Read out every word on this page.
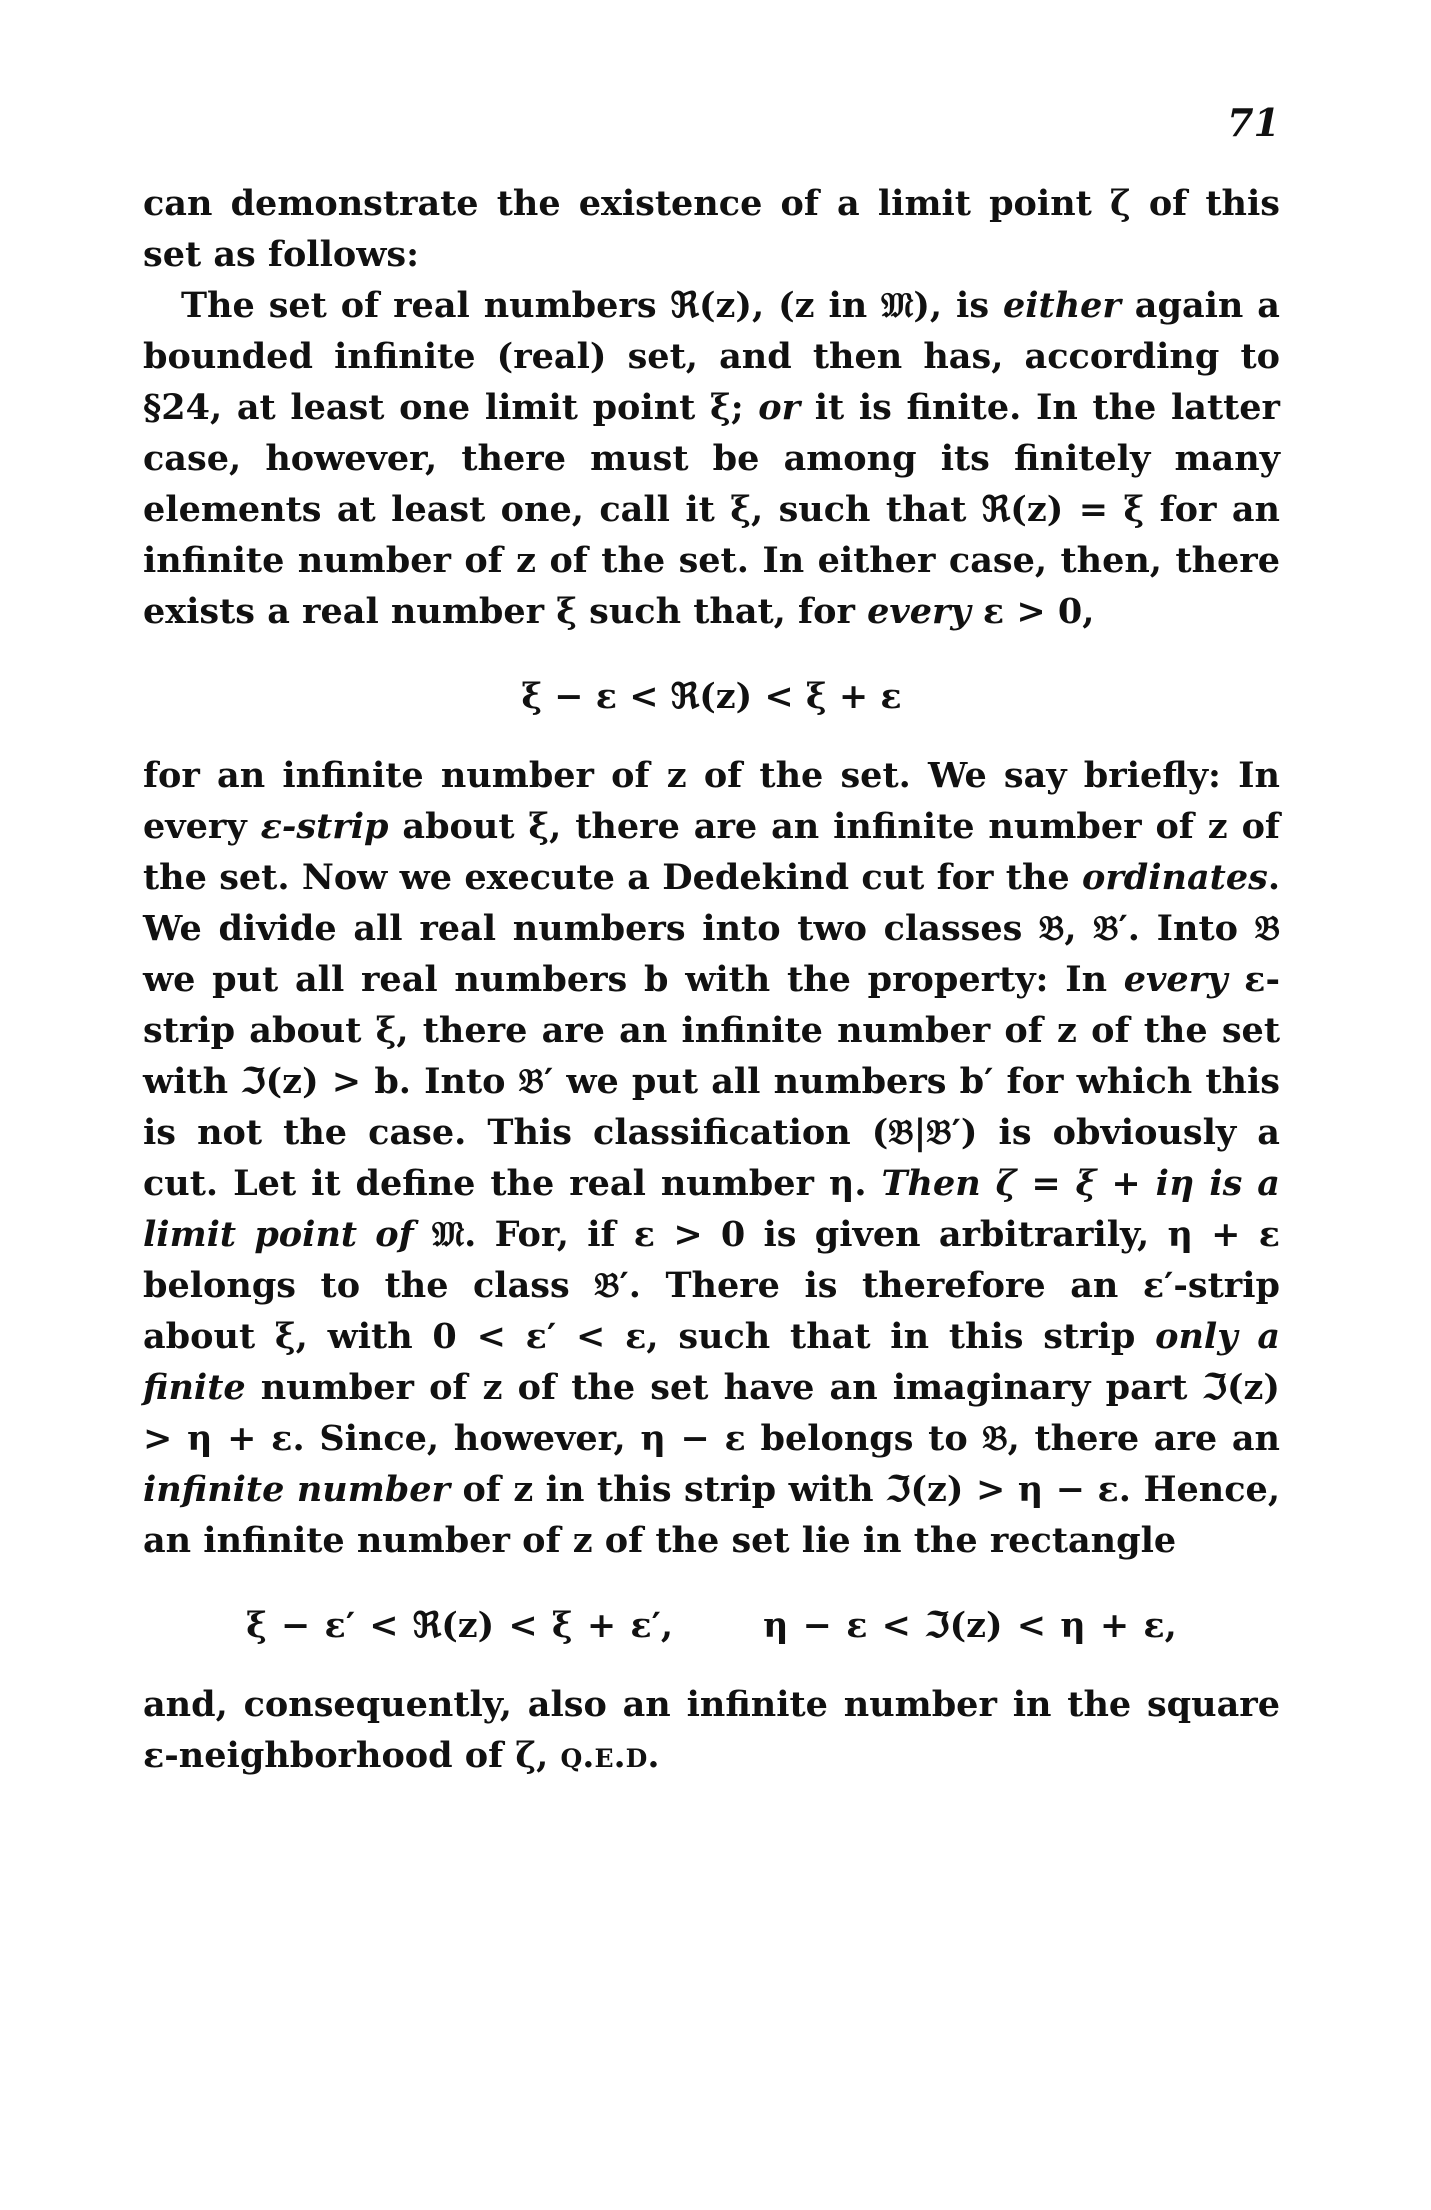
71

can demonstrate the existence of a limit point ζ of this set as follows:

The set of real numbers ℜ(z), (z in 𝔐), is either again a bounded infinite (real) set, and then has, according to §24, at least one limit point ξ; or it is finite. In the latter case, however, there must be among its finitely many elements at least one, call it ξ, such that ℜ(z) = ξ for an infinite number of z of the set. In either case, then, there exists a real number ξ such that, for every ε > 0,

ξ − ε < ℜ(z) < ξ + ε

for an infinite number of z of the set. We say briefly: In every ε-strip about ξ, there are an infinite number of z of the set. Now we execute a Dedekind cut for the ordinates. We divide all real numbers into two classes 𝔅, 𝔅′. Into 𝔅 we put all real numbers b with the property: In every ε-strip about ξ, there are an infinite number of z of the set with ℑ(z) > b. Into 𝔅′ we put all numbers b′ for which this is not the case. This classification (𝔅|𝔅′) is obviously a cut. Let it define the real number η. Then ζ = ξ + iη is a limit point of 𝔐. For, if ε > 0 is given arbitrarily, η + ε belongs to the class 𝔅′. There is therefore an ε′-strip about ξ, with 0 < ε′ < ε, such that in this strip only a finite number of z of the set have an imaginary part ℑ(z) > η + ε. Since, however, η − ε belongs to 𝔅, there are an infinite number of z in this strip with ℑ(z) > η − ε. Hence, an infinite number of z of the set lie in the rectangle

ξ − ε′ < ℜ(z) < ξ + ε′,	η − ε < ℑ(z) < η + ε,

and, consequently, also an infinite number in the square ε-neighborhood of ζ, q.e.d.
